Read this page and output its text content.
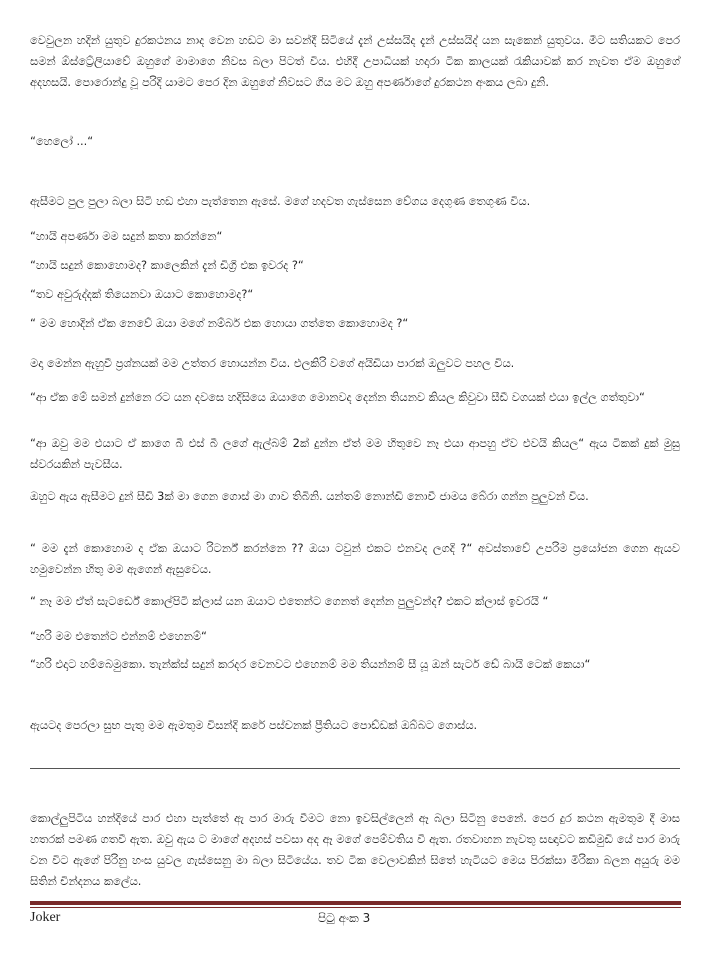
වෙවුලන හදින් යුතුව දුරකථනය නාද වෙන හඩට මා සවන්දී සිටියේ දැන් උස්සයිද දැන් උස්සයිද් යන සැකෙන් යුතුවය. මීට සතියකට පෙර සමන් ඕස්ට්‍රේලියාවේ ඔහුගේ මාමාගෙ නිවස බලා පිටත් විය. එහිදී උපාධියක් හදාරා ටික කාලයක් රැකියාවක් කර නැවත ඒම ඔහුගේ අදහසයි. පොරොන්දු වූ පරිදි යාමට පෙර දින ඔහුගේ නිවසට ගිය මට ඔහු අපර්ණාගේ දුරකථන අංකය ලබා දුනි.

“හෙලෝ ...“

ඇසීමට පුල පුලා බලා සිටි හඩ එහා පැත්තෙන ඇසේ. මගේ හදවත ගැස්සෙන වේගය දෙගුණ තෙගුණ විය.

“හායි අපර්ණා මම සදුන් කතා කරන්නෙ“

“හායි සදුන් කොහොමද? කාලෙකින් දැන් ඩිග්‍රි එක ඉවරද ?“

“තව අවුරුද්දක් තියෙනවා ඔයාට කොහොමද?“

“ මම හොදින් ඒක නෙවේ ඔයා මගේ නම්බර් එක හොයා ගත්තෙ කොහොමද ?“

මදා මෙන්න ඇහුවී ප්‍රශ්නයක් මම උත්තර හොයන්න විය. එලකිරි වගේ අයිඩියා පාරක් ඔලුවට පහල විය.

“ආ ඒක මේ සමන් දුන්නෙ රට යන දවසෙ හදිසියෙ ඔයාගෙ මොනවද දෙන්න තියනව කියල කිවුවා සීඩී වගයක් එයා ඉල්ල ගත්තුවා“

“ආ ඔවු මම එයාට ඒ කාගෙ බී එස් බී ලගේ ඇල්බම් 2ක් දුන්න ඒත් මම හිතුවෙ නෑ එයා ආපහු ඒව එවයි කියල“ ඇය ටිකක් දුක් මුසු ස්වරයකින් පැවසීය.

ඔහුට ඇය ඇසීමට දුන් සීඩි 3ක් මා ගෙන ගොස් මා ගාව තිබිනි. යන්තම් නොන්ඩි නොවී ජාමය බේරා ගන්න පුලුවන් විය.

“ මම දැන් කොහොම ද ඒක ඔයාට රිටර්න් කරන්නෙ ?? ඔයා ටවුන් එකට එනවද ලගදි ?“ අවස්තාවේ උපරිම ප්‍රයෝජන ගෙන ඇයව හමුවෙන්න හිතු මම ඇගෙන් ඇසුවෙය.

“ නෑ මම ඒත් සැටර්ඩේ කොල්පිටි ක්ලාස් යන ඔයාට එතෙන්ට ගෙනත් දෙන්න පුලුවන්ද? එකට ක්ලාස් ඉවරයි “

“හරි මම එතෙන්ට එන්නම් එහෙනම්“

“හරි එදාට හම්බෙමුකො. තැන්ක්ස් සදුන් කරදර වෙනවට එහෙනම් මම තියන්නම් සී යූ ඔන් සැටර් ඩේ බායි ටෙක් කෙයා“

ඇයටද පෙරලා සුභ පැතු මම ඇමතුම විසන්දි කරේ පස්චනක් ප්‍රීතියට පොඩ්ඩක් ඔබ්බට ගොස්ය.

කොල්ලුපිටිය හන්දියේ පාර එහා පැත්තේ ඇ පාර මාරු වීමට නො ඉවසිල්ලෙන් ඈ බලා සිටිනු පෙනේ. පෙර දුර කථන ඇමතුම දී මාස හතරක් පමණ ගතවී ඇත. ඔවු ඇය ට මාගේ අදහස් පවසා අද ඈ මගේ පෙම්වතිය වී ඇත. රතවාහන නැවතු සඥාවට කඩිමුඩි යේ පාර මාරු වන විට ඇගේ පිරිනු හංස යුවල ගැස්සෙනු මා බලා සිටියේය. තව ටික වෙලාවකින් සිතේ හැටියට මෙය පිරක්සා මිරිකා බලන අයුරු මම සිතින් චින්දනය කලේය.

Joker	පිටු අංක 3
